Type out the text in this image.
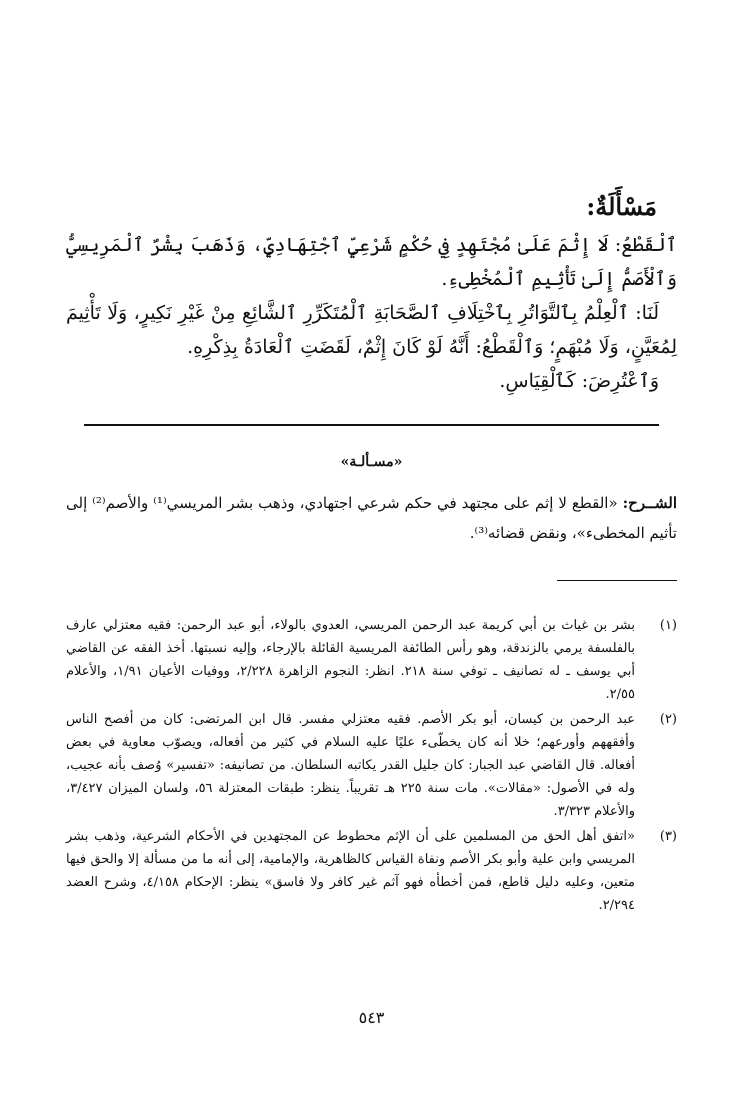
مَسْأَلَةٌ:

ٱلْقَطْعُ: لَا إِثْمَ عَلَىٰ مُجْتَهِدٍ فِي حُكْمٍ شَرْعِيٍّ ٱجْتِهَادِيٍّ، وَذَهَبَ بِشْرٌ ٱلْمَرِيسِيُّ وَٱلْأَصَمُّ إِلَىٰ تَأْثِيمِ ٱلْمُخْطِىءِ.

لَنَا: ٱلْعِلْمُ بِٱلتَّوَاتُرِ بِٱخْتِلَافِ ٱلصَّحَابَةِ ٱلْمُتَكَرِّرِ ٱلشَّائِعِ مِنْ غَيْرِ نَكِيرٍ، وَلَا تَأْثِيمَ لِمُعَيَّنٍ، وَلَا مُبْهَمٍ؛ وَٱلْقَطْعُ: أَنَّهُ لَوْ كَانَ إِثْمٌ، لَقَضَتِ ٱلْعَادَةُ بِذِكْرِهِ.

وَٱعْتُرِضَ: كَٱلْقِيَاسِ.

«مسـألـة»
الشــرح: «القطع لا إثم على مجتهد في حكم شرعي اجتهادي، وذهب بشر المريسي⁽¹⁾ والأصم⁽²⁾ إلى تأثيم المخطىء»، ونقض قضائه⁽³⁾.
(١)

بشر بن غياث بن أبي كريمة عبد الرحمن المريسي، العدوي بالولاء، أبو عبد الرحمن: فقيه معتزلي عارف بالفلسفة يرمي بالزندقة، وهو رأس الطائفة المريسية القائلة بالإرجاء، وإليه نسبتها. أخذ الفقه عن القاضي أبي يوسف ـ له تصانيف ـ توفي سنة ٢١٨. انظر: النجوم الزاهرة ٢/٢٢٨، ووفيات الأعيان ١/٩١، والأعلام ٢/٥٥.

(٢)

عبد الرحمن بن كيسان، أبو بكر الأصم. فقيه معتزلي مفسر. قال ابن المرتضى: كان من أفصح الناس وأفقههم وأورعهم؛ خلا أنه كان يخطّىء عليًا عليه السلام في كثير من أفعاله، ويصوّب معاوية في بعض أفعاله. قال القاضي عبد الجبار: كان جليل القدر يكاتبه السلطان. من تصانيفه: «تفسير» وُصف بأنه عجيب، وله في الأصول: «مقالات». مات سنة ٢٢٥ هـ تقريباً. ينظر: طبقات المعتزلة ٥٦، ولسان الميزان ٣/٤٢٧، والأعلام ٣/٣٢٣.

(٣)

«اتفق أهل الحق من المسلمين على أن الإثم محطوط عن المجتهدين في الأحكام الشرعية، وذهب بشر المريسي وابن علية وأبو بكر الأصم ونفاة القياس كالظاهرية، والإمامية، إلى أنه ما من مسألة إلا والحق فيها متعين، وعليه دليل قاطع، فمن أخطأه فهو آثم غير كافر ولا فاسق» ينظر: الإحكام ٤/١٥٨، وشرح العضد ٢/٢٩٤.

٥٤٣
